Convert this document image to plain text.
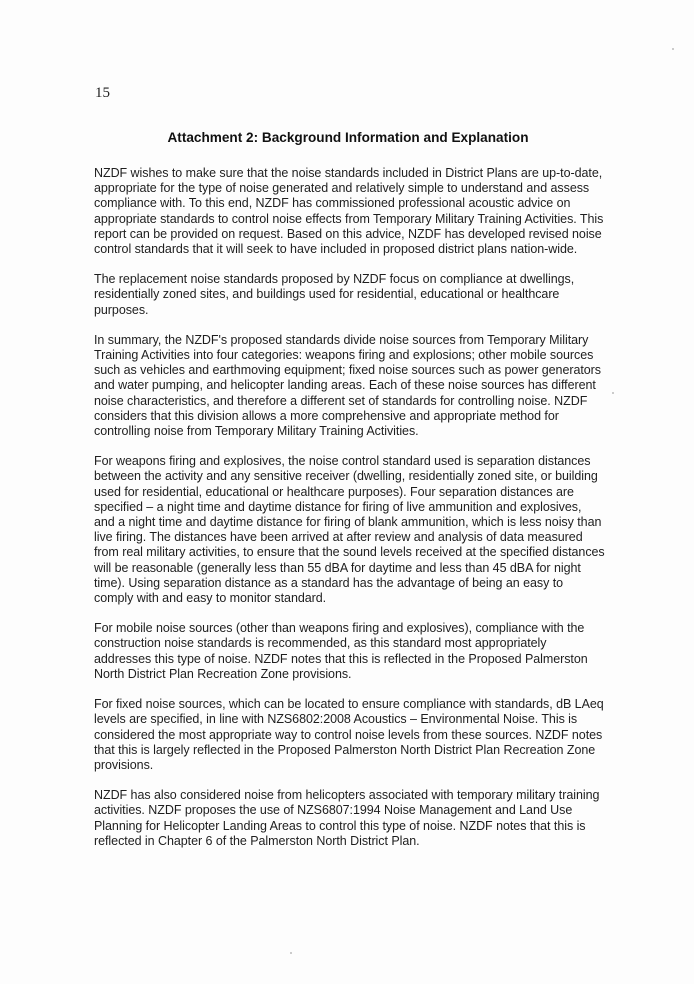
15
Attachment 2: Background Information and Explanation

NZDF wishes to make sure that the noise standards included in District Plans are up-to-date, appropriate for the type of noise generated and relatively simple to understand and assess compliance with. To this end, NZDF has commissioned professional acoustic advice on appropriate standards to control noise effects from Temporary Military Training Activities. This report can be provided on request. Based on this advice, NZDF has developed revised noise control standards that it will seek to have included in proposed district plans nation-wide.

The replacement noise standards proposed by NZDF focus on compliance at dwellings, residentially zoned sites, and buildings used for residential, educational or healthcare purposes.

In summary, the NZDF's proposed standards divide noise sources from Temporary Military Training Activities into four categories: weapons firing and explosions; other mobile sources such as vehicles and earthmoving equipment; fixed noise sources such as power generators and water pumping, and helicopter landing areas. Each of these noise sources has different noise characteristics, and therefore a different set of standards for controlling noise. NZDF considers that this division allows a more comprehensive and appropriate method for controlling noise from Temporary Military Training Activities.

For weapons firing and explosives, the noise control standard used is separation distances between the activity and any sensitive receiver (dwelling, residentially zoned site, or building used for residential, educational or healthcare purposes). Four separation distances are specified – a night time and daytime distance for firing of live ammunition and explosives, and a night time and daytime distance for firing of blank ammunition, which is less noisy than live firing. The distances have been arrived at after review and analysis of data measured from real military activities, to ensure that the sound levels received at the specified distances will be reasonable (generally less than 55 dBA for daytime and less than 45 dBA for night time). Using separation distance as a standard has the advantage of being an easy to comply with and easy to monitor standard.

For mobile noise sources (other than weapons firing and explosives), compliance with the construction noise standards is recommended, as this standard most appropriately addresses this type of noise. NZDF notes that this is reflected in the Proposed Palmerston North District Plan Recreation Zone provisions.

For fixed noise sources, which can be located to ensure compliance with standards, dB LAeq levels are specified, in line with NZS6802:2008 Acoustics – Environmental Noise. This is considered the most appropriate way to control noise levels from these sources. NZDF notes that this is largely reflected in the Proposed Palmerston North District Plan Recreation Zone provisions.

NZDF has also considered noise from helicopters associated with temporary military training activities. NZDF proposes the use of NZS6807:1994 Noise Management and Land Use Planning for Helicopter Landing Areas to control this type of noise. NZDF notes that this is reflected in Chapter 6 of the Palmerston North District Plan.
